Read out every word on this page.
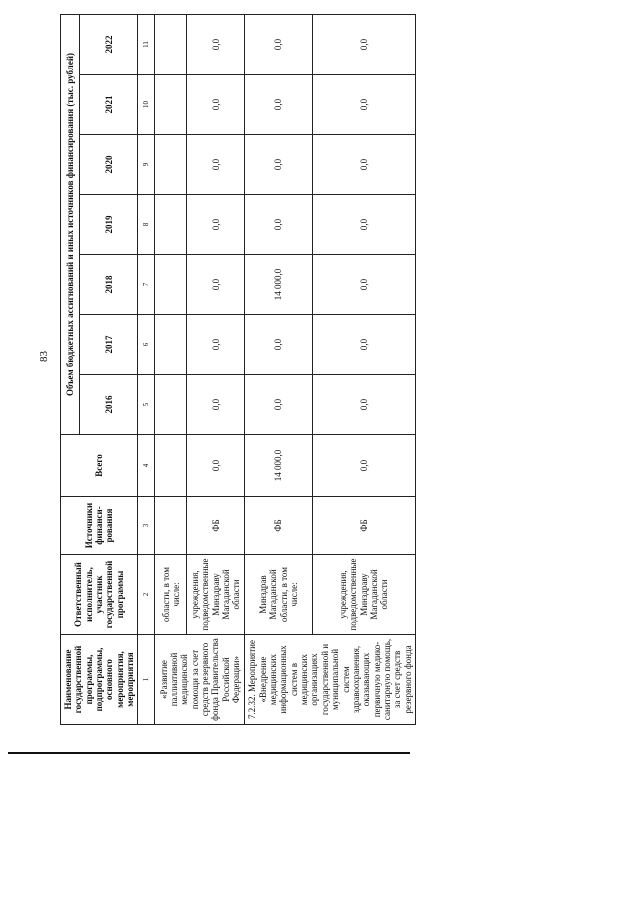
83
Наименование государственной программы, подпрограммы, основного мероприятия, мероприятия	Ответственный исполнитель, участник государственной программы	Источники финанси-рования	Всего	Объем бюджетных ассигнований и иных источников финансирования (тыс. рублей)						
				2016	2017	2018	2019	2020	2021	2022
1	2	3	4	5	6	7	8	9	10	11
«Развитие паллиативной медицинской помощи за счет средств резервного фонда Правительства Российской Федерации»	области, в том числе:									
	учреждения, подведомственные Минздраву Магаданской области	ФБ	0,0	0,0	0,0	0,0	0,0	0,0	0,0	0,0
7.2.32. Мероприятие «Внедрение медицинских информационных систем в медицинских организациях государственной и муниципальной систем здравоохранения, оказывающих первичную медико-санитарную помощь, за счет средств резервного фонда	Минздрав Магаданской области, в том числе:	ФБ	14 000,0	0,0	0,0	14 000,0	0,0	0,0	0,0	0,0
	учреждения, подведомственные Минздраву Магаданской области	ФБ	0,0	0,0	0,0	0,0	0,0	0,0	0,0	0,0
